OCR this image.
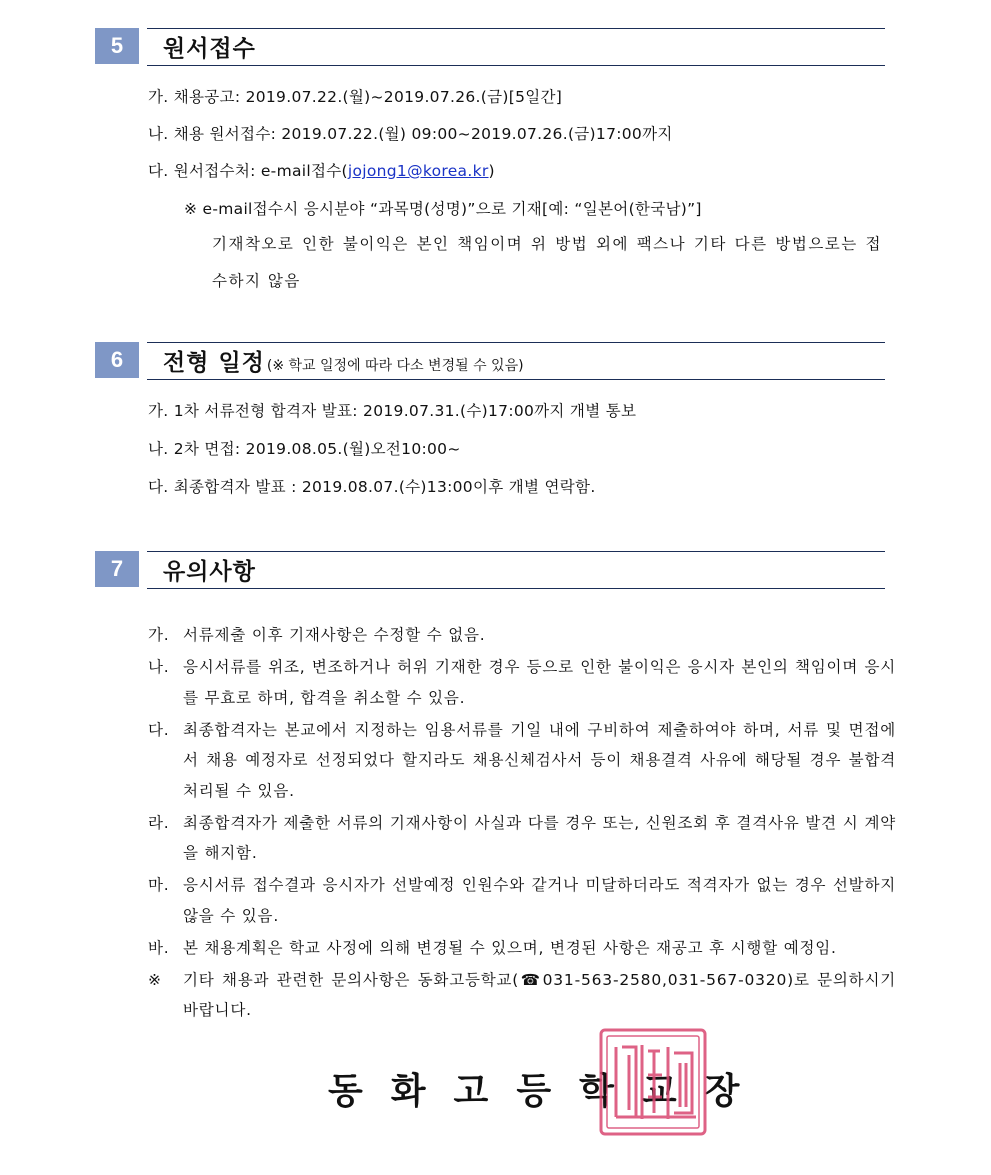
5	원서접수
가. 채용공고: 2019.07.22.(월)~2019.07.26.(금)[5일간]
나. 채용 원서접수: 2019.07.22.(월) 09:00~2019.07.26.(금)17:00까지
다. 원서접수처: e-mail접수(jojong1@korea.kr)
※ e-mail접수시 응시분야 “과목명(성명)”으로 기재[예: “일본어(한국남)”]
기재착오로 인한 불이익은 본인 책임이며 위 방법 외에 팩스나 기타 다른 방법으로는 접수하지 않음
6	전형 일정 (※ 학교 일정에 따라 다소 변경될 수 있음)
가. 1차 서류전형 합격자 발표: 2019.07.31.(수)17:00까지 개별 통보
나. 2차 면접: 2019.08.05.(월)오전10:00~
다. 최종합격자 발표 : 2019.08.07.(수)13:00이후 개별 연락함.
7	유의사항
가. 서류제출 이후 기재사항은 수정할 수 없음.
나. 응시서류를 위조, 변조하거나 허위 기재한 경우 등으로 인한 불이익은 응시자 본인의 책임이며 응시를 무효로 하며, 합격을 취소할 수 있음.
다. 최종합격자는 본교에서 지정하는 임용서류를 기일 내에 구비하여 제출하여야 하며, 서류 및 면접에서 채용 예정자로 선정되었다 할지라도 채용신체검사서 등이 채용결격 사유에 해당될 경우 불합격 처리될 수 있음.
라. 최종합격자가 제출한 서류의 기재사항이 사실과 다를 경우 또는, 신원조회 후 결격사유 발견 시 계약을 해지함.
마. 응시서류 접수결과 응시자가 선발예정 인원수와 같거나 미달하더라도 적격자가 없는 경우 선발하지 않을 수 있음.
바. 본 채용계획은 학교 사정에 의해 변경될 수 있으며, 변경된 사항은 재공고 후 시행할 예정임.
※ 기타 채용과 관련한 문의사항은 동화고등학교(☎031-563-2580,031-567-0320)로 문의하시기 바랍니다.
동화고등학교장
